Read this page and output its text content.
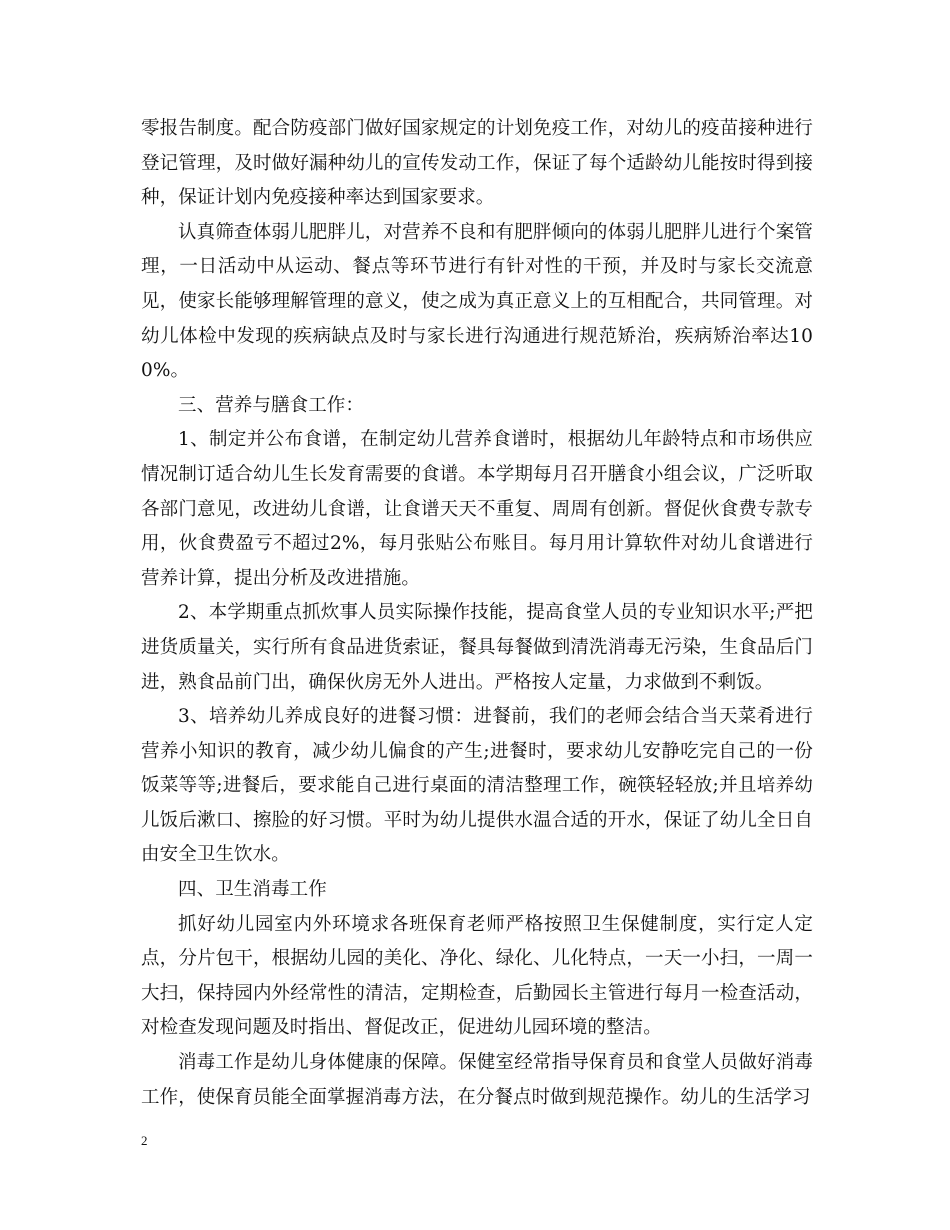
零报告制度。配合防疫部门做好国家规定的计划免疫工作，对幼儿的疫苗接种进行登记管理，及时做好漏种幼儿的宣传发动工作，保证了每个适龄幼儿能按时得到接种，保证计划内免疫接种率达到国家要求。

认真筛查体弱儿肥胖儿，对营养不良和有肥胖倾向的体弱儿肥胖儿进行个案管理，一日活动中从运动、餐点等环节进行有针对性的干预，并及时与家长交流意见，使家长能够理解管理的意义，使之成为真正意义上的互相配合，共同管理。对幼儿体检中发现的疾病缺点及时与家长进行沟通进行规范矫治，疾病矫治率达100%。

三、营养与膳食工作：

1、制定并公布食谱，在制定幼儿营养食谱时，根据幼儿年龄特点和市场供应情况制订适合幼儿生长发育需要的食谱。本学期每月召开膳食小组会议，广泛听取各部门意见，改进幼儿食谱，让食谱天天不重复、周周有创新。督促伙食费专款专用，伙食费盈亏不超过2%，每月张贴公布账目。每月用计算软件对幼儿食谱进行营养计算，提出分析及改进措施。

2、本学期重点抓炊事人员实际操作技能，提高食堂人员的专业知识水平;严把进货质量关，实行所有食品进货索证，餐具每餐做到清洗消毒无污染，生食品后门进，熟食品前门出，确保伙房无外人进出。严格按人定量，力求做到不剩饭。

3、培养幼儿养成良好的进餐习惯：进餐前，我们的老师会结合当天菜肴进行营养小知识的教育，减少幼儿偏食的产生;进餐时，要求幼儿安静吃完自己的一份饭菜等等;进餐后，要求能自己进行桌面的清洁整理工作，碗筷轻轻放;并且培养幼儿饭后漱口、擦脸的好习惯。平时为幼儿提供水温合适的开水，保证了幼儿全日自由安全卫生饮水。

四、卫生消毒工作

抓好幼儿园室内外环境求各班保育老师严格按照卫生保健制度，实行定人定点，分片包干，根据幼儿园的美化、净化、绿化、儿化特点，一天一小扫，一周一大扫，保持园内外经常性的清洁，定期检查，后勤园长主管进行每月一检查活动，对检查发现问题及时指出、督促改正，促进幼儿园环境的整洁。

消毒工作是幼儿身体健康的保障。保健室经常指导保育员和食堂人员做好消毒工作，使保育员能全面掌握消毒方法，在分餐点时做到规范操作。幼儿的生活学习

2
